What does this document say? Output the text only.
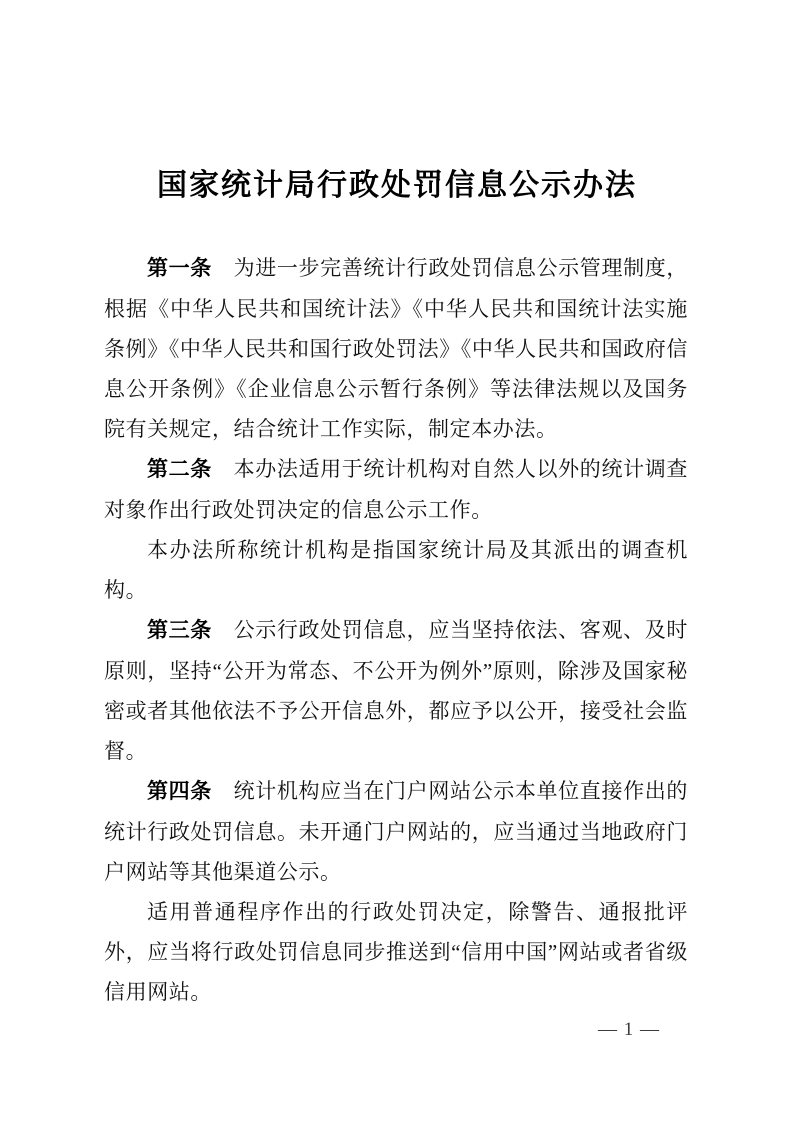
国家统计局行政处罚信息公示办法

第一条 为进一步完善统计行政处罚信息公示管理制度，根据《中华人民共和国统计法》《中华人民共和国统计法实施条例》《中华人民共和国行政处罚法》《中华人民共和国政府信息公开条例》《企业信息公示暂行条例》等法律法规以及国务院有关规定，结合统计工作实际，制定本办法。

第二条 本办法适用于统计机构对自然人以外的统计调查对象作出行政处罚决定的信息公示工作。

本办法所称统计机构是指国家统计局及其派出的调查机构。

第三条 公示行政处罚信息，应当坚持依法、客观、及时原则，坚持“公开为常态、不公开为例外”原则，除涉及国家秘密或者其他依法不予公开信息外，都应予以公开，接受社会监督。

第四条 统计机构应当在门户网站公示本单位直接作出的统计行政处罚信息。未开通门户网站的，应当通过当地政府门户网站等其他渠道公示。

适用普通程序作出的行政处罚决定，除警告、通报批评外，应当将行政处罚信息同步推送到“信用中国”网站或者省级信用网站。

— 1 —
